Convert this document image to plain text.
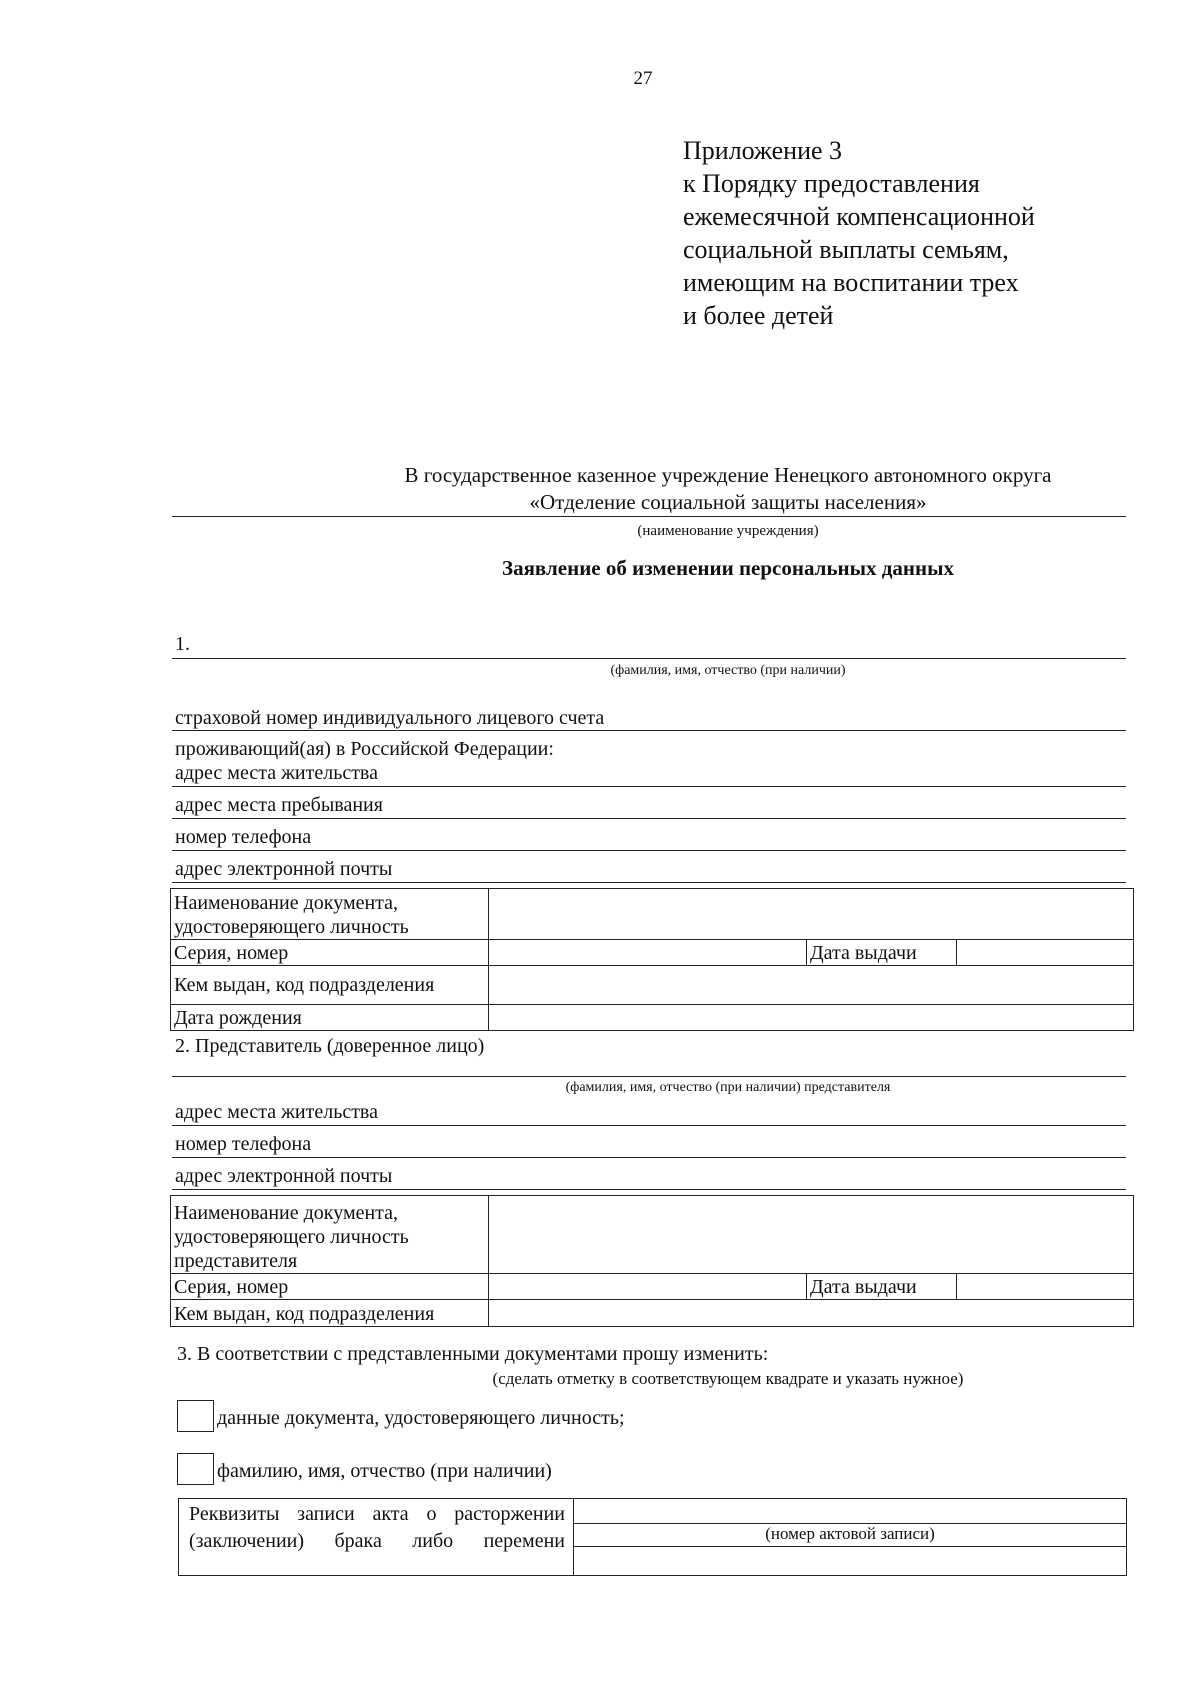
27
Приложение 3
к Порядку предоставления
ежемесячной компенсационной
социальной выплаты семьям,
имеющим на воспитании трех
и более детей
В государственное казенное учреждение Ненецкого автономного округа
«Отделение социальной защиты населения»
(наименование учреждения)
Заявление об изменении персональных данных
1.
(фамилия, имя, отчество (при наличии)
страховой номер индивидуального лицевого счета
проживающий(ая) в Российской Федерации:
адрес места жительства
адрес места пребывания
номер телефона
адрес электронной почты
Наименование документа,
удостоверяющего личность			

Серия, номер		Дата выдачи	
Кем выдан, код подразделения			
Дата рождения			
2. Представитель (доверенное лицо)
(фамилия, имя, отчество (при наличии) представителя
адрес места жительства
номер телефона
адрес электронной почты
Наименование документа,
удостоверяющего личность
представителя			

Серия, номер		Дата выдачи	
Кем выдан, код подразделения			
3. В соответствии с представленными документами прошу изменить:
(сделать отметку в соответствующем квадрате и указать нужное)
данные документа, удостоверяющего личность;
фамилию, имя, отчество (при наличии)
Реквизиты записи акта о расторжении
(заключении) брака либо перемени	(номер актовой записи)
